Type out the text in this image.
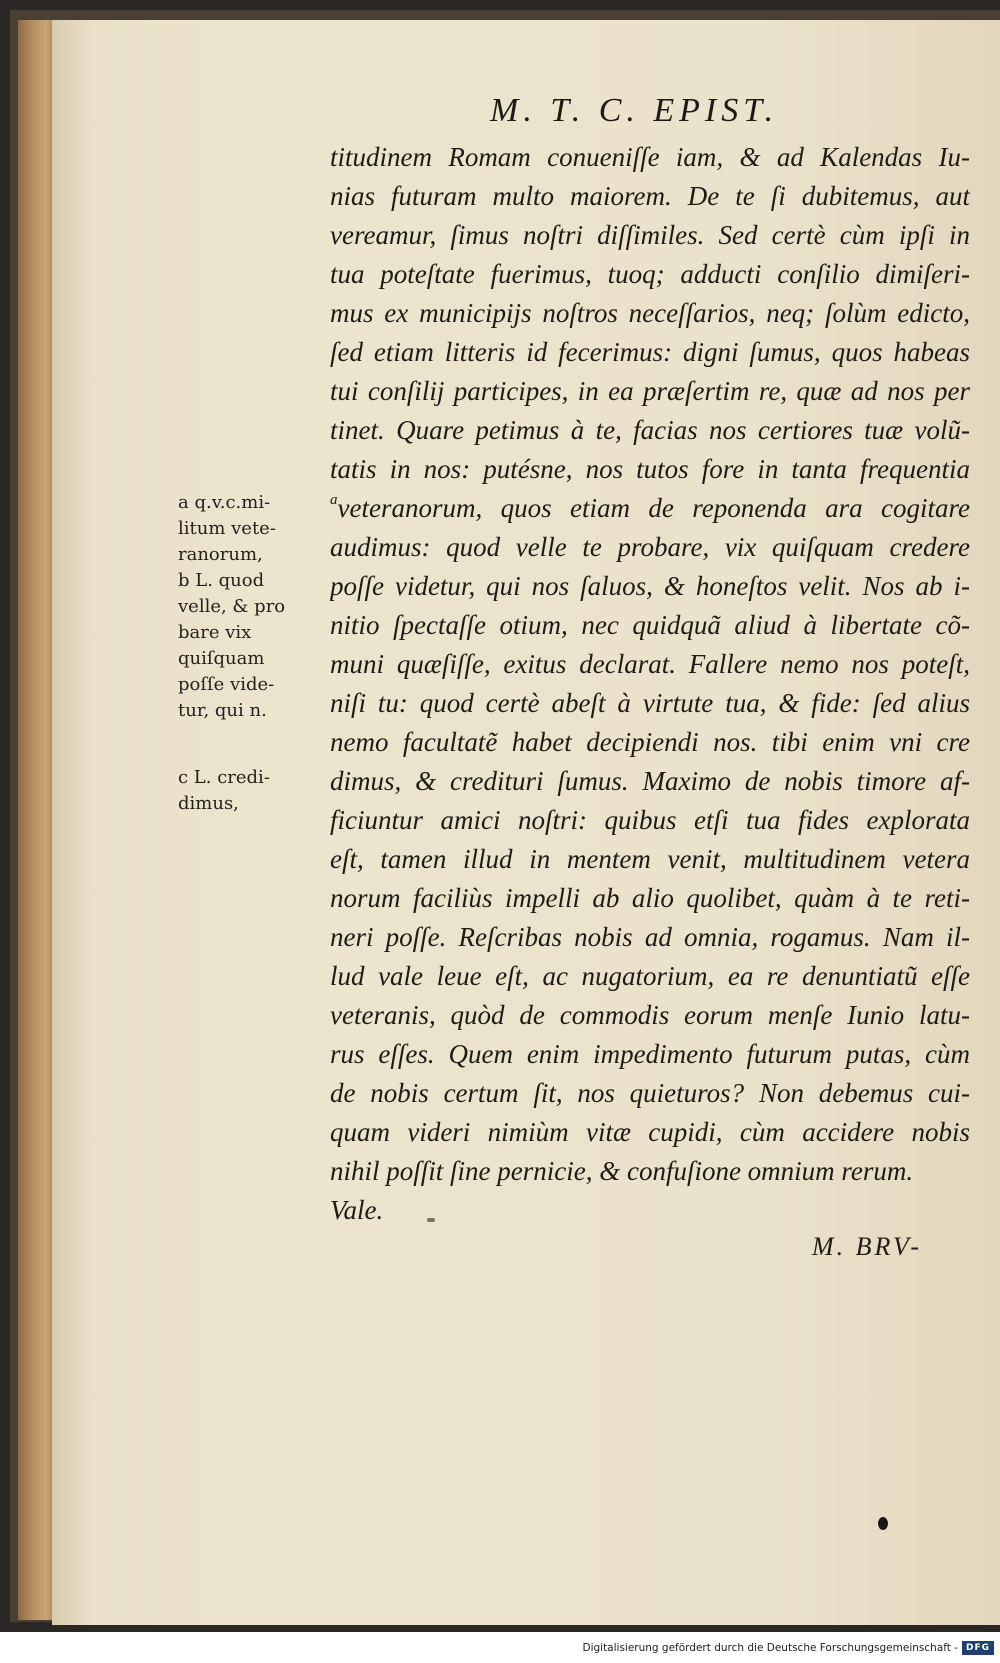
M. T. C. EPIST.
titudinem Romam conueniſſe iam, & ad Kalendas Iu-
nias futuram multo maiorem. De te ſi dubitemus, aut
vereamur, ſimus noſtri diſſimiles. Sed certè cùm ipſi in
tua poteſtate fuerimus, tuoq; adducti conſilio dimiſeri-
mus ex municipijs noſtros neceſſarios, neq; ſolùm edicto,
ſed etiam litteris id fecerimus: digni ſumus, quos habeas
tui conſilij participes, in ea præſertim re, quæ ad nos per
tinet. Quare petimus à te, facias nos certiores tuæ volũ-
tatis in nos: putésne, nos tutos fore in tanta frequentia
$^a$veteranorum, quos etiam de reponenda ara cogitare
audimus: quod velle te probare, vix quiſquam credere
poſſe videtur, qui nos ſaluos, & honeſtos velit. Nos ab i-
nitio ſpectaſſe otium, nec quidquã aliud à libertate cõ-
muni quæſiſſe, exitus declarat. Fallere nemo nos poteſt,
niſi tu: quod certè abeſt à virtute tua, & fide: ſed alius
nemo facultatẽ habet decipiendi nos. tibi enim vni cre
dimus, & credituri ſumus. Maximo de nobis timore af-
ficiuntur amici noſtri: quibus etſi tua fides explorata
eſt, tamen illud in mentem venit, multitudinem vetera
norum faciliùs impelli ab alio quolibet, quàm à te reti-
neri poſſe. Reſcribas nobis ad omnia, rogamus. Nam il-
lud vale leue eſt, ac nugatorium, ea re denuntiatũ eſſe
veteranis, quòd de commodis eorum menſe Iunio latu-
rus eſſes. Quem enim impedimento futurum putas, cùm
de nobis certum ſit, nos quieturos? Non debemus cui-
quam videri nimiùm vitæ cupidi, cùm accidere nobis
nihil poſſit ſine pernicie, & confuſione omnium rerum.
Vale.
a q.v.c.mi-
litum vete-
ranorum,
b L. quod
velle, & pro
bare vix
quiſquam
poſſe vide-
tur, qui n.
c L. credi-
dimus,
M. BRV-
Digitalisierung gefördert durch die Deutsche Forschungsgemeinschaft - DFG
